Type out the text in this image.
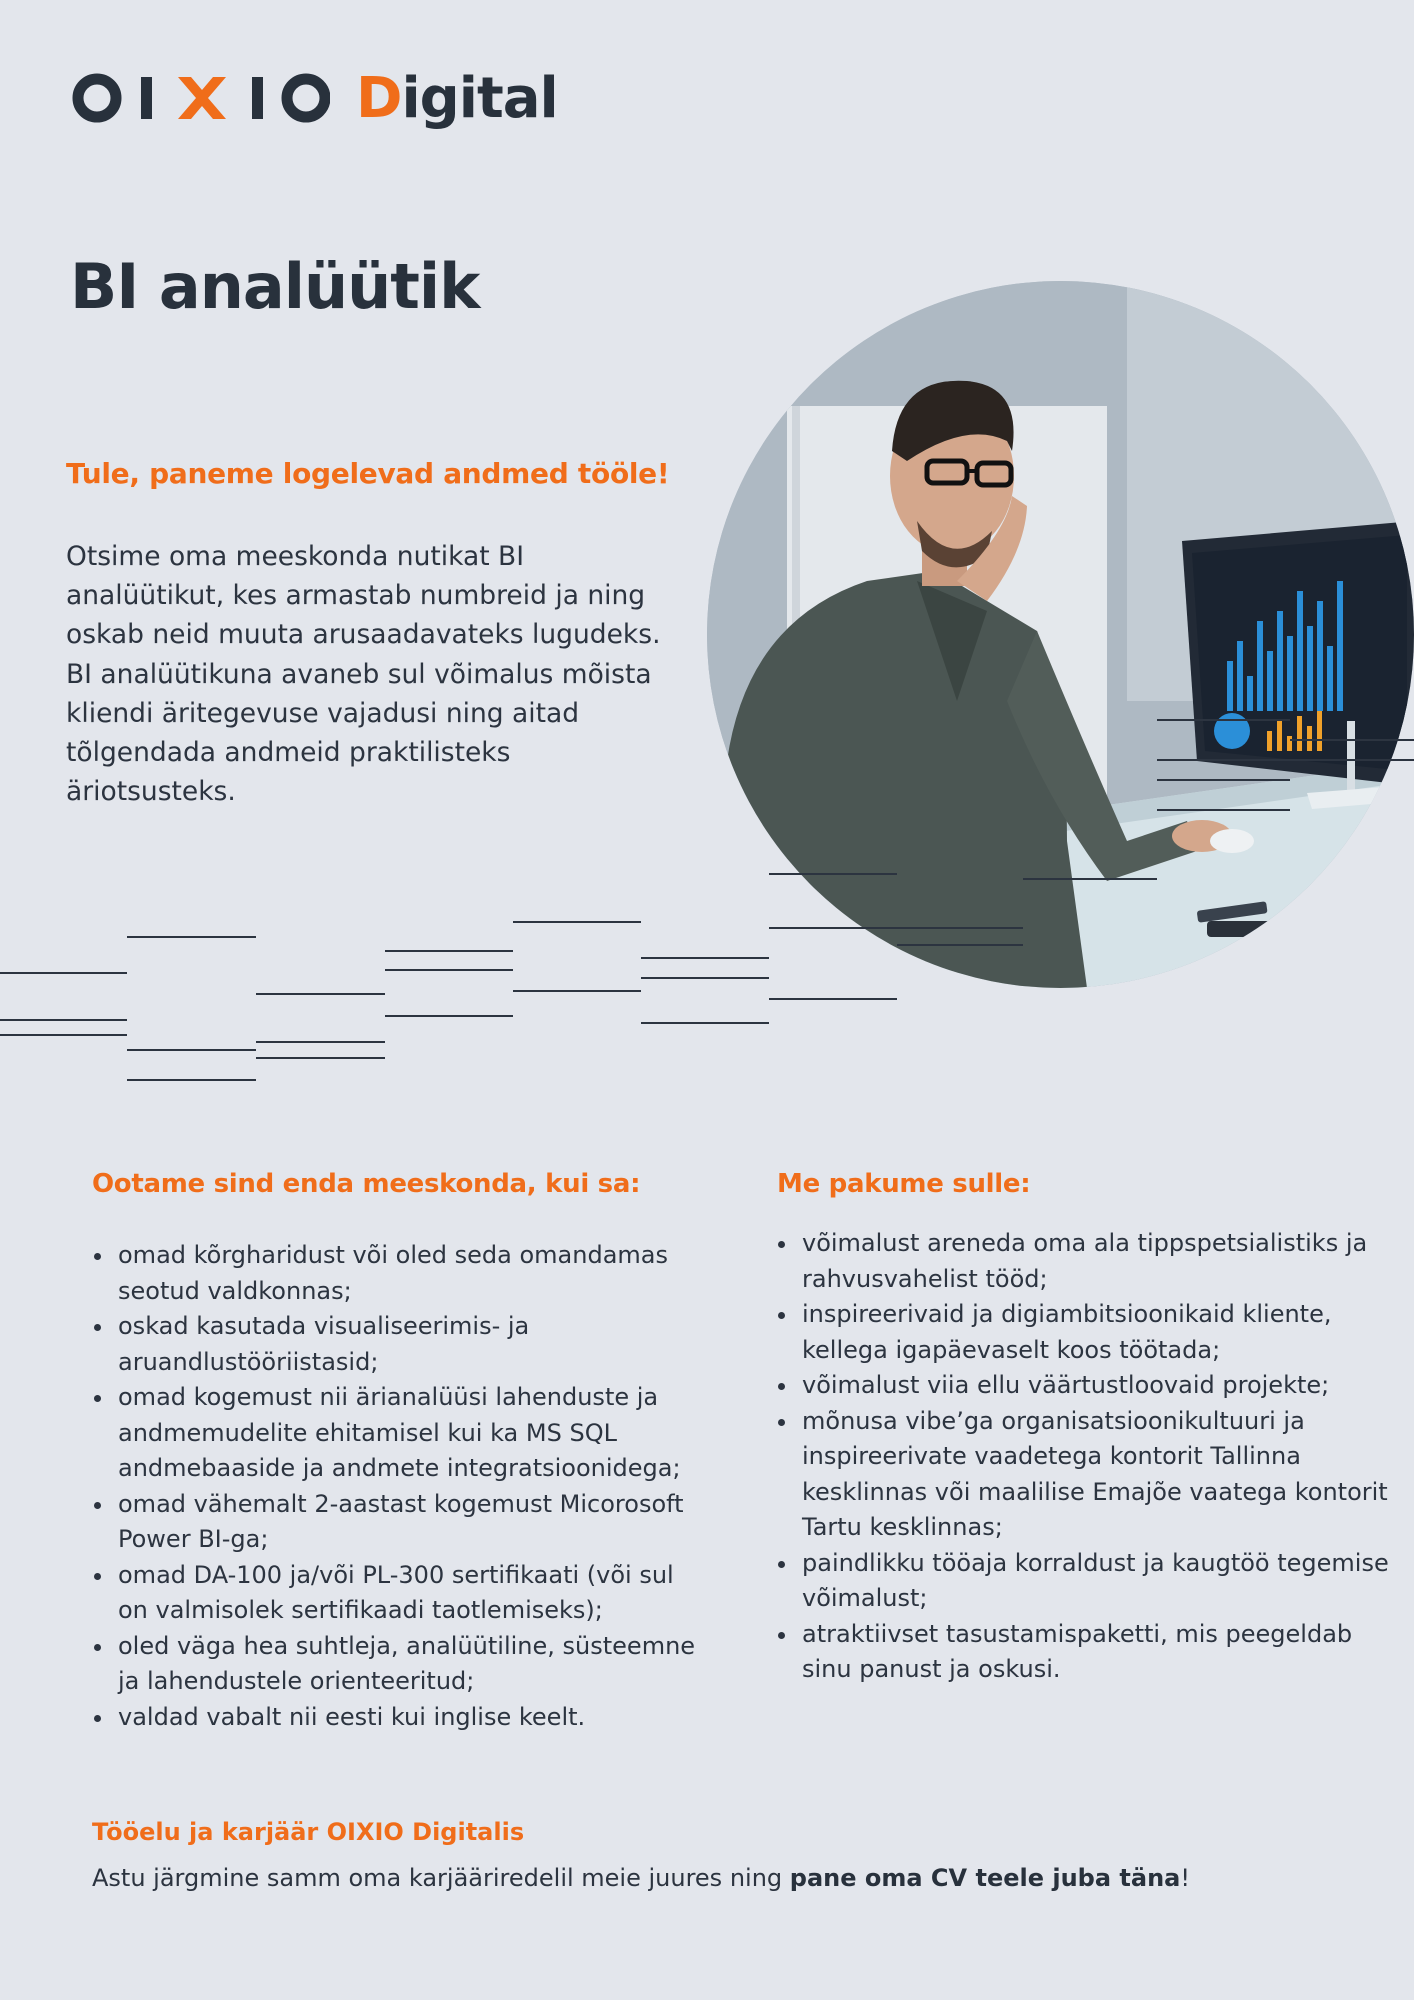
Digital
BI analüütik
Tule, paneme logelevad andmed tööle!

Otsime oma meeskonda nutikat BI analüütikut, kes armastab numbreid ja ning oskab neid muuta arusaadavateks lugudeks. BI analüütikuna avaneb sul võimalus mõista kliendi äritegevuse vajadusi ning aitad tõlgendada andmeid praktilisteks äriotsusteks.

Ootame sind enda meeskonda, kui sa:
omad kõrgharidust või oled seda omandamas seotud valdkonnas;
oskad kasutada visualiseerimis- ja aruandlustööriistasid;
omad kogemust nii ärianalüüsi lahenduste ja andmemudelite ehitamisel kui ka MS SQL andmebaaside ja andmete integratsioonidega;
omad vähemalt 2-aastast kogemust Micorosoft Power BI-ga;
omad DA-100 ja/või PL-300 sertifikaati (või sul on valmisolek sertifikaadi taotlemiseks);
oled väga hea suhtleja, analüütiline, süsteemne ja lahendustele orienteeritud;
valdad vabalt nii eesti kui inglise keelt.
Me pakume sulle:
võimalust areneda oma ala tippspetsialistiks ja rahvusvahelist tööd;
inspireerivaid ja digiambitsioonikaid kliente, kellega igapäevaselt koos töötada;
võimalust viia ellu väärtustloovaid projekte;
mõnusa vibe’ga organisatsioonikultuuri ja inspireerivate vaadetega kontorit Tallinna kesklinnas või maalilise Emajõe vaatega kontorit Tartu kesklinnas;
paindlikku tööaja korraldust ja kaugtöö tegemise võimalust;
atraktiivset tasustamispaketti, mis peegeldab sinu panust ja oskusi.
Tööelu ja karjäär OIXIO Digitalis

Astu järgmine samm oma karjääriredelil meie juures ning pane oma CV teele juba täna!
